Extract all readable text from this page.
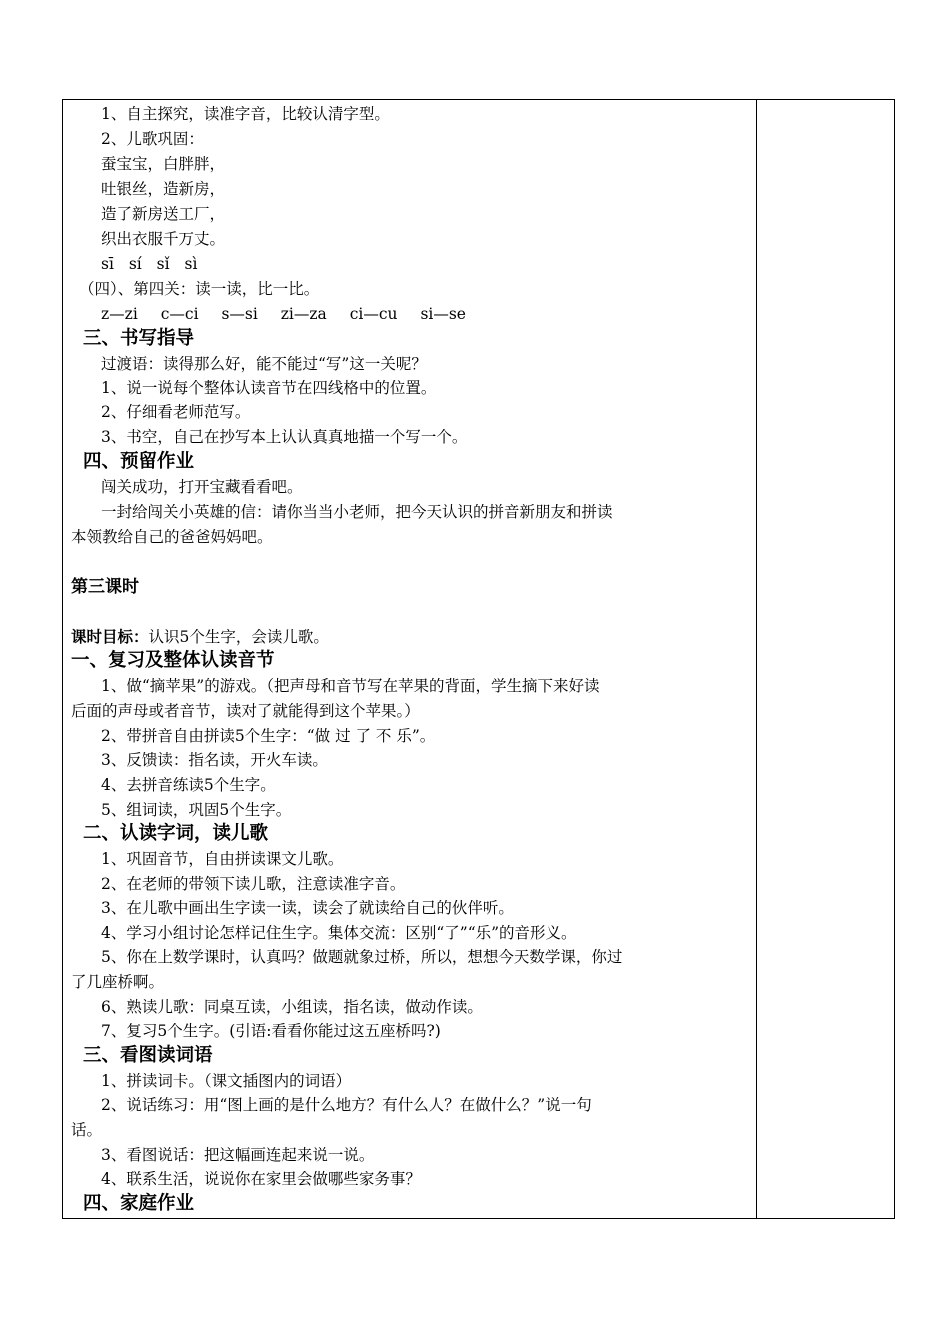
1、自主探究，读准字音，比较认清字型。
2、儿歌巩固：
蚕宝宝，白胖胖，
吐银丝，造新房，
造了新房送工厂，
织出衣服千万丈。
sī sí sǐ sì
（四）、第四关：读一读，比一比。
z—zi c—ci s—si zi—za ci—cu si—se
三、书写指导
过渡语：读得那么好，能不能过“写”这一关呢？
1、说一说每个整体认读音节在四线格中的位置。
2、仔细看老师范写。
3、书空，自己在抄写本上认认真真地描一个写一个。
四、预留作业
闯关成功，打开宝藏看看吧。
一封给闯关小英雄的信：请你当当小老师，把今天认识的拼音新朋友和拼读
本领教给自己的爸爸妈妈吧。
第三课时
课时目标：认识5个生字，会读儿歌。
一、复习及整体认读音节
1、做“摘苹果”的游戏。（把声母和音节写在苹果的背面，学生摘下来好读
后面的声母或者音节，读对了就能得到这个苹果。）
2、带拼音自由拼读5个生字：“做 过 了 不 乐”。
3、反馈读：指名读，开火车读。
4、去拼音练读5个生字。
5、组词读，巩固5个生字。
二、认读字词，读儿歌
1、巩固音节，自由拼读课文儿歌。
2、在老师的带领下读儿歌，注意读准字音。
3、在儿歌中画出生字读一读，读会了就读给自己的伙伴听。
4、学习小组讨论怎样记住生字。集体交流：区别“了”“乐”的音形义。
5、你在上数学课时，认真吗？做题就象过桥，所以，想想今天数学课，你过
了几座桥啊。
6、熟读儿歌：同桌互读，小组读，指名读，做动作读。
7、复习5个生字。(引语:看看你能过这五座桥吗?)
三、看图读词语
1、拼读词卡。（课文插图内的词语）
2、说话练习：用“图上画的是什么地方？有什么人？在做什么？”说一句
话。
3、看图说话：把这幅画连起来说一说。
4、联系生活，说说你在家里会做哪些家务事？
四、家庭作业
